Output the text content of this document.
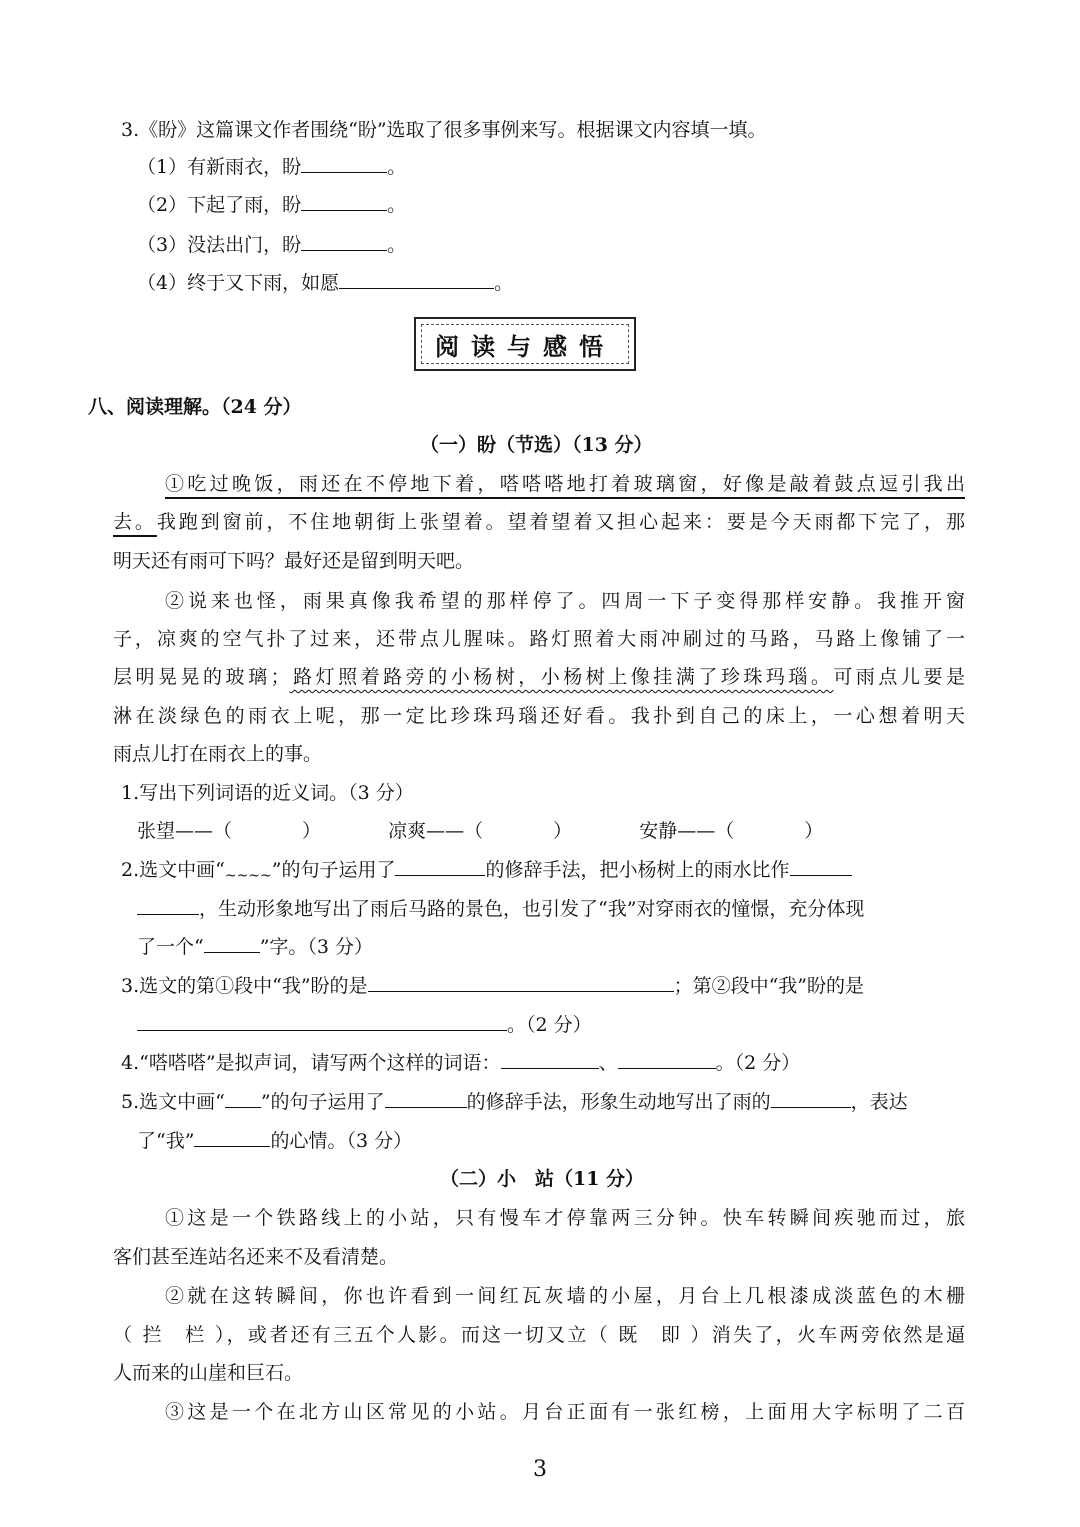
3.《盼》这篇课文作者围绕“盼”选取了很多事例来写。根据课文内容填一填。
（1）有新雨衣，盼	。
（2）下起了雨，盼	。
（3）没法出门，盼	。
（4）终于又下雨，如愿	。
阅读与感悟
八、阅读理解。（24 分）
（一）盼（节选）（13 分）
①吃过晚饭，雨还在不停地下着，嗒嗒嗒地打着玻璃窗，好像是敲着鼓点逗引我出
去。我跑到窗前，不住地朝街上张望着。望着望着又担心起来：要是今天雨都下完了，那
明天还有雨可下吗？最好还是留到明天吧。
②说来也怪，雨果真像我希望的那样停了。四周一下子变得那样安静。我推开窗
子，凉爽的空气扑了过来，还带点儿腥味。路灯照着大雨冲刷过的马路，马路上像铺了一
层明晃晃的玻璃；路灯照着路旁的小杨树，小杨树上像挂满了珍珠玛瑙。可雨点儿要是
淋在淡绿色的雨衣上呢，那一定比珍珠玛瑙还好看。我扑到自己的床上，一心想着明天
雨点儿打在雨衣上的事。
1.写出下列词语的近义词。（3 分）
张望——（	）	凉爽——（	）	安静——（	）
2.选文中画“$_{\sim\sim\sim\sim}$”的句子运用了	的修辞手法，把小杨树上的雨水比作
，生动形象地写出了雨后马路的景色，也引发了“我”对穿雨衣的憧憬，充分体现
了一个“	”字。（3 分）
3.选文的第①段中“我”盼的是	；第②段中“我”盼的是
。（2 分）
4.“嗒嗒嗒”是拟声词，请写两个这样的词语：	、	。（2 分）
5.选文中画“ ”的句子运用了	的修辞手法，形象生动地写出了雨的	，表达
了“我”	的心情。（3 分）
（二）小　站（11 分）
①这是一个铁路线上的小站，只有慢车才停靠两三分钟。快车转瞬间疾驰而过，旅
客们甚至连站名还来不及看清楚。
②就在这转瞬间，你也许看到一间红瓦灰墙的小屋，月台上几根漆成淡蓝色的木栅
（ 拦　栏 ），或者还有三五个人影。而这一切又立（ 既　即 ）消失了，火车两旁依然是逼
人而来的山崖和巨石。
③这是一个在北方山区常见的小站。月台正面有一张红榜，上面用大字标明了二百
3
